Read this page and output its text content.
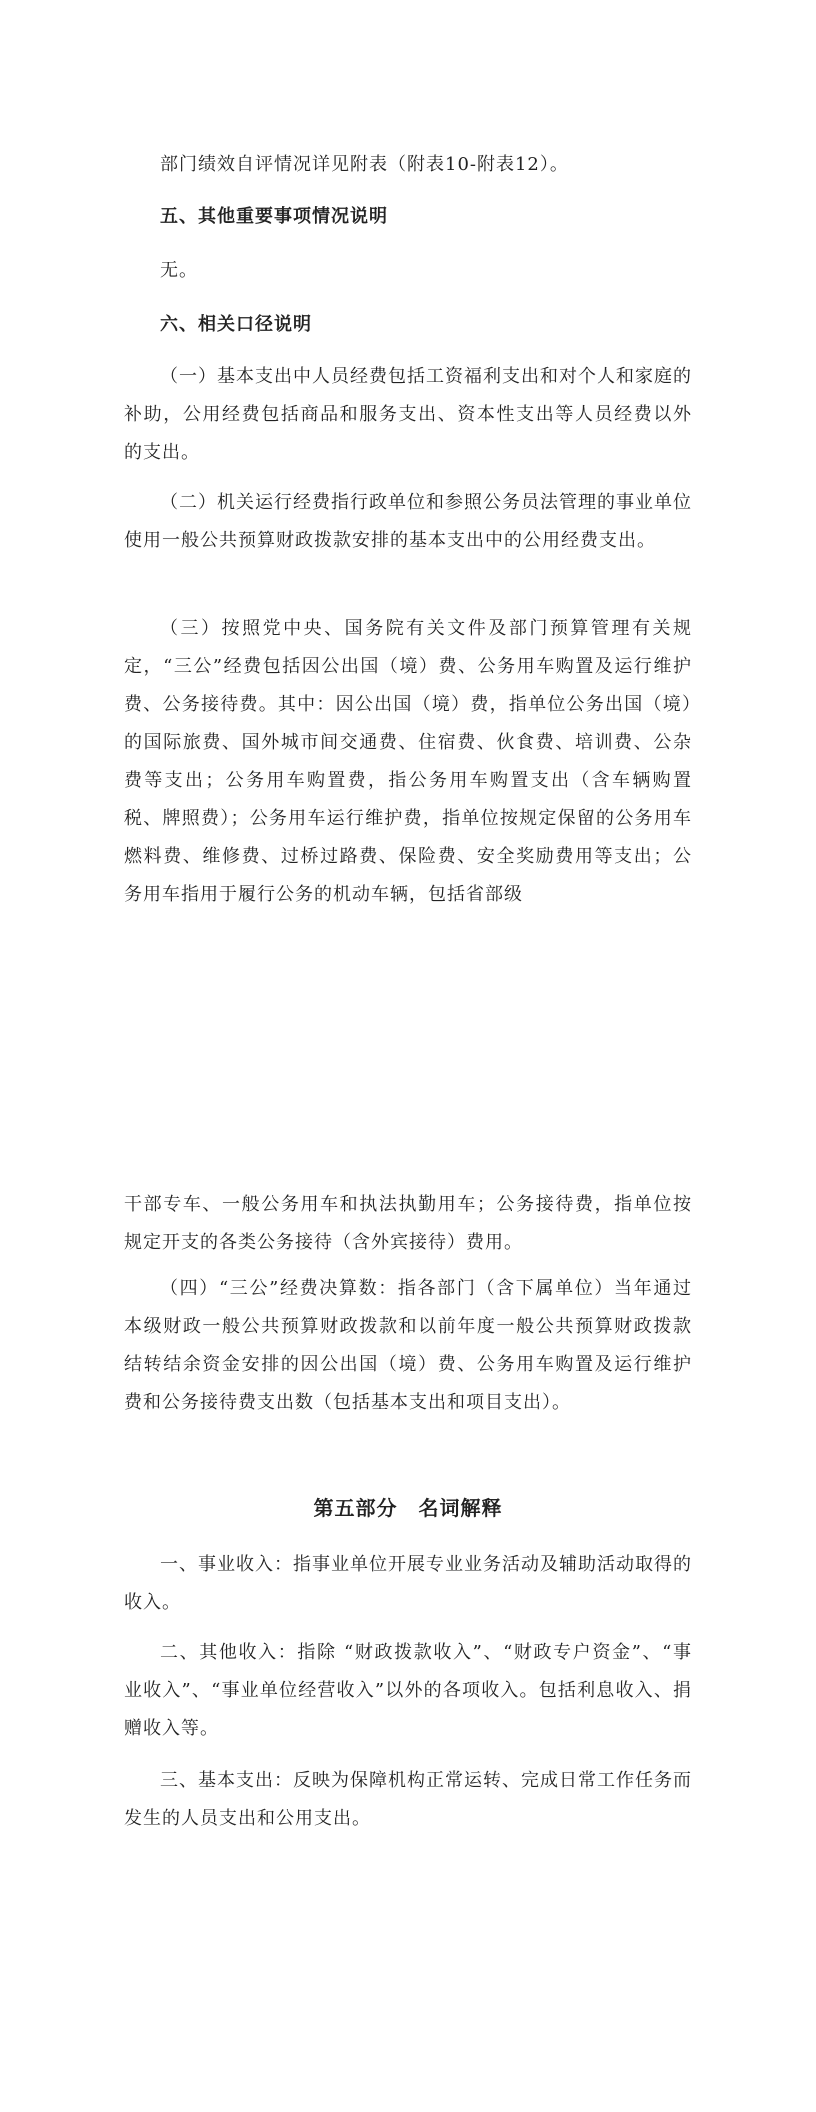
部门绩效自评情况详见附表（附表10-附表12）。

五、其他重要事项情况说明

无。

六、相关口径说明

（一）基本支出中人员经费包括工资福利支出和对个人和家庭的补助，公用经费包括商品和服务支出、资本性支出等人员经费以外的支出。

（二）机关运行经费指行政单位和参照公务员法管理的事业单位使用一般公共预算财政拨款安排的基本支出中的公用经费支出。

（三）按照党中央、国务院有关文件及部门预算管理有关规定，“三公”经费包括因公出国（境）费、公务用车购置及运行维护费、公务接待费。其中：因公出国（境）费，指单位公务出国（境）的国际旅费、国外城市间交通费、住宿费、伙食费、培训费、公杂费等支出；公务用车购置费，指公务用车购置支出（含车辆购置税、牌照费）；公务用车运行维护费，指单位按规定保留的公务用车燃料费、维修费、过桥过路费、保险费、安全奖励费用等支出；公务用车指用于履行公务的机动车辆，包括省部级

干部专车、一般公务用车和执法执勤用车；公务接待费，指单位按规定开支的各类公务接待（含外宾接待）费用。

（四）“三公”经费决算数：指各部门（含下属单位）当年通过本级财政一般公共预算财政拨款和以前年度一般公共预算财政拨款结转结余资金安排的因公出国（境）费、公务用车购置及运行维护费和公务接待费支出数（包括基本支出和项目支出）。

第五部分　名词解释

一、事业收入：指事业单位开展专业业务活动及辅助活动取得的收入。

二、其他收入：指除 “财政拨款收入”、“财政专户资金”、“事业收入”、“事业单位经营收入”以外的各项收入。包括利息收入、捐赠收入等。

三、基本支出：反映为保障机构正常运转、完成日常工作任务而发生的人员支出和公用支出。
